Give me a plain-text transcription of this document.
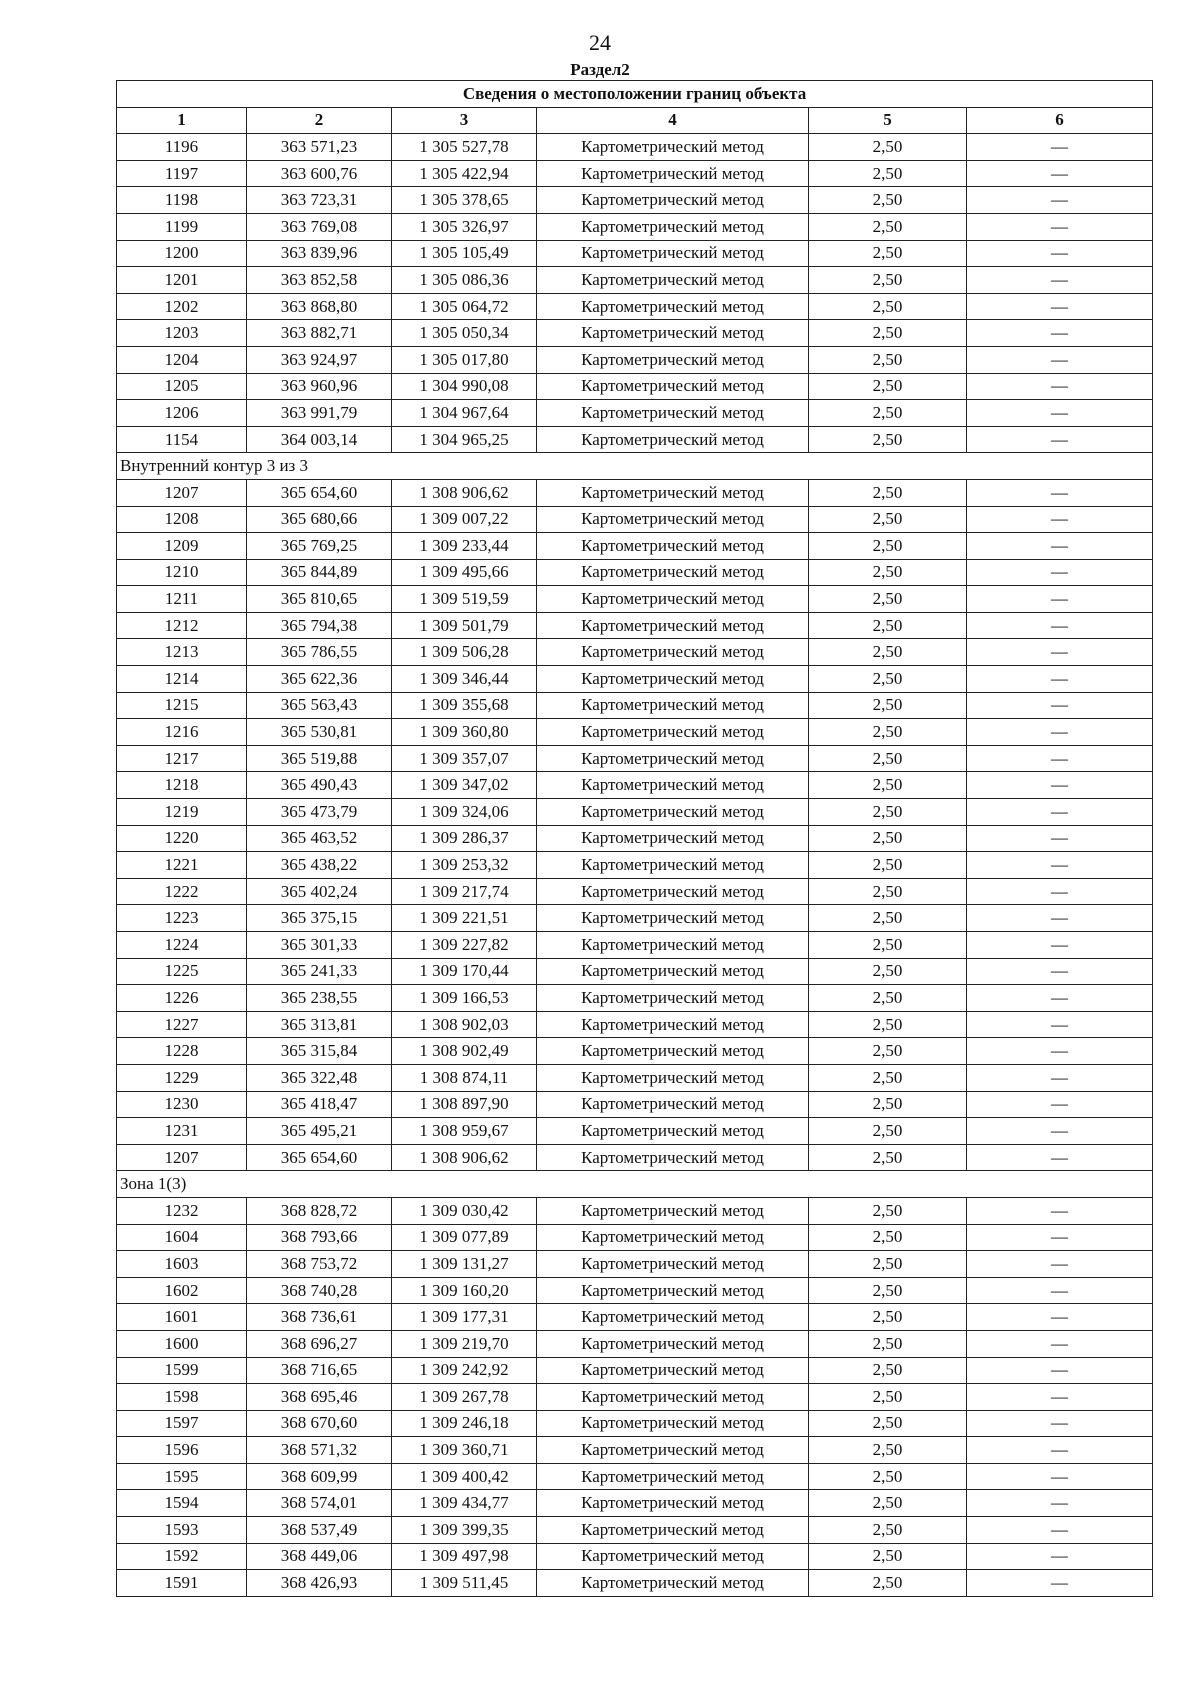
24
Раздел2
Сведения о местоположении границ объекта					
1	2	3	4	5	6
1196	363 571,23	1 305 527,78	Картометрический метод	2,50	—
1197	363 600,76	1 305 422,94	Картометрический метод	2,50	—
1198	363 723,31	1 305 378,65	Картометрический метод	2,50	—
1199	363 769,08	1 305 326,97	Картометрический метод	2,50	—
1200	363 839,96	1 305 105,49	Картометрический метод	2,50	—
1201	363 852,58	1 305 086,36	Картометрический метод	2,50	—
1202	363 868,80	1 305 064,72	Картометрический метод	2,50	—
1203	363 882,71	1 305 050,34	Картометрический метод	2,50	—
1204	363 924,97	1 305 017,80	Картометрический метод	2,50	—
1205	363 960,96	1 304 990,08	Картометрический метод	2,50	—
1206	363 991,79	1 304 967,64	Картометрический метод	2,50	—
1154	364 003,14	1 304 965,25	Картометрический метод	2,50	—
Внутренний контур 3 из 3					
1207	365 654,60	1 308 906,62	Картометрический метод	2,50	—
1208	365 680,66	1 309 007,22	Картометрический метод	2,50	—
1209	365 769,25	1 309 233,44	Картометрический метод	2,50	—
1210	365 844,89	1 309 495,66	Картометрический метод	2,50	—
1211	365 810,65	1 309 519,59	Картометрический метод	2,50	—
1212	365 794,38	1 309 501,79	Картометрический метод	2,50	—
1213	365 786,55	1 309 506,28	Картометрический метод	2,50	—
1214	365 622,36	1 309 346,44	Картометрический метод	2,50	—
1215	365 563,43	1 309 355,68	Картометрический метод	2,50	—
1216	365 530,81	1 309 360,80	Картометрический метод	2,50	—
1217	365 519,88	1 309 357,07	Картометрический метод	2,50	—
1218	365 490,43	1 309 347,02	Картометрический метод	2,50	—
1219	365 473,79	1 309 324,06	Картометрический метод	2,50	—
1220	365 463,52	1 309 286,37	Картометрический метод	2,50	—
1221	365 438,22	1 309 253,32	Картометрический метод	2,50	—
1222	365 402,24	1 309 217,74	Картометрический метод	2,50	—
1223	365 375,15	1 309 221,51	Картометрический метод	2,50	—
1224	365 301,33	1 309 227,82	Картометрический метод	2,50	—
1225	365 241,33	1 309 170,44	Картометрический метод	2,50	—
1226	365 238,55	1 309 166,53	Картометрический метод	2,50	—
1227	365 313,81	1 308 902,03	Картометрический метод	2,50	—
1228	365 315,84	1 308 902,49	Картометрический метод	2,50	—
1229	365 322,48	1 308 874,11	Картометрический метод	2,50	—
1230	365 418,47	1 308 897,90	Картометрический метод	2,50	—
1231	365 495,21	1 308 959,67	Картометрический метод	2,50	—
1207	365 654,60	1 308 906,62	Картометрический метод	2,50	—
Зона 1(3)					
1232	368 828,72	1 309 030,42	Картометрический метод	2,50	—
1604	368 793,66	1 309 077,89	Картометрический метод	2,50	—
1603	368 753,72	1 309 131,27	Картометрический метод	2,50	—
1602	368 740,28	1 309 160,20	Картометрический метод	2,50	—
1601	368 736,61	1 309 177,31	Картометрический метод	2,50	—
1600	368 696,27	1 309 219,70	Картометрический метод	2,50	—
1599	368 716,65	1 309 242,92	Картометрический метод	2,50	—
1598	368 695,46	1 309 267,78	Картометрический метод	2,50	—
1597	368 670,60	1 309 246,18	Картометрический метод	2,50	—
1596	368 571,32	1 309 360,71	Картометрический метод	2,50	—
1595	368 609,99	1 309 400,42	Картометрический метод	2,50	—
1594	368 574,01	1 309 434,77	Картометрический метод	2,50	—
1593	368 537,49	1 309 399,35	Картометрический метод	2,50	—
1592	368 449,06	1 309 497,98	Картометрический метод	2,50	—
1591	368 426,93	1 309 511,45	Картометрический метод	2,50	—
